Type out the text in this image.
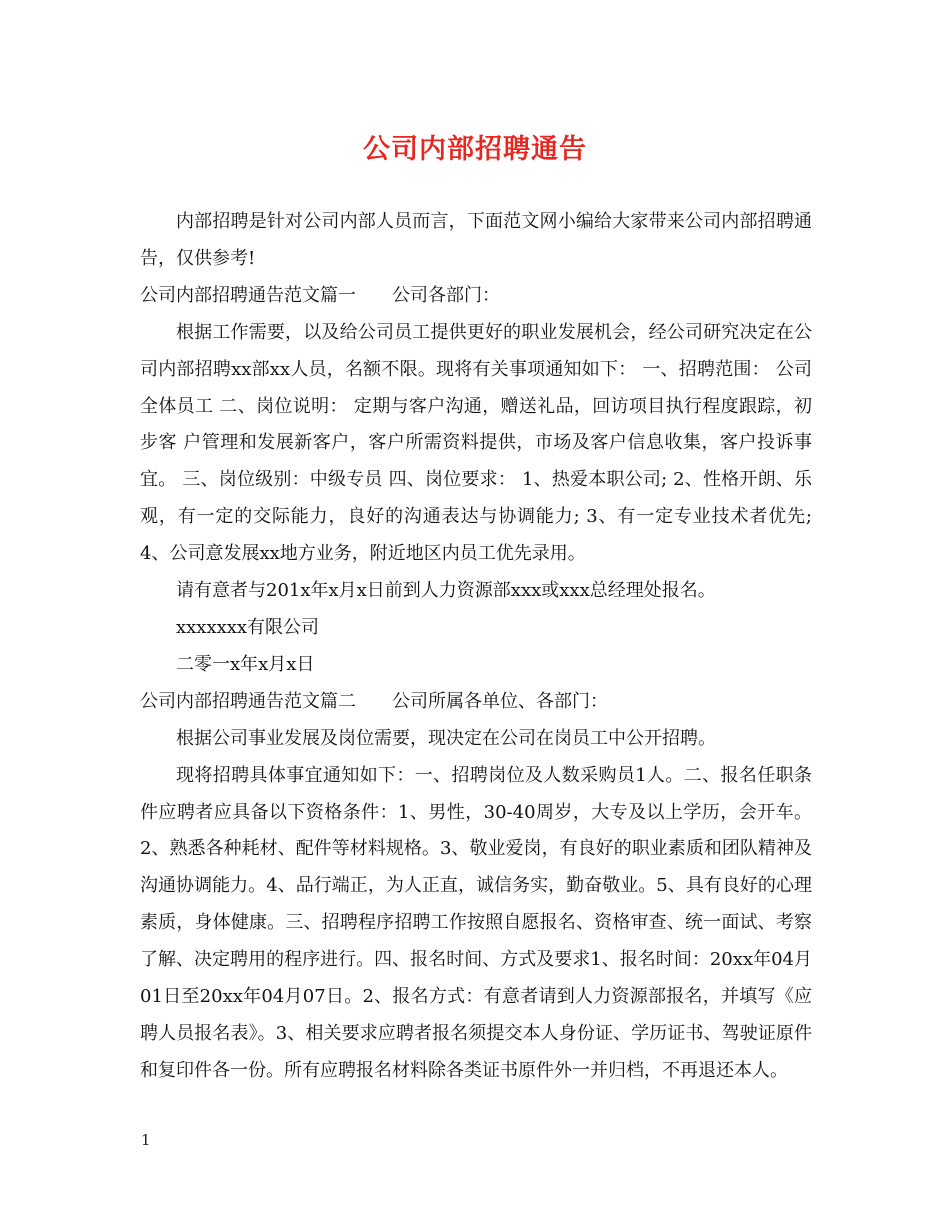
公司内部招聘通告

内部招聘是针对公司内部人员而言，下面范文网小编给大家带来公司内部招聘通告，仅供参考!

公司内部招聘通告范文篇一 公司各部门：

根据工作需要，以及给公司员工提供更好的职业发展机会，经公司研究决定在公司内部招聘xx部xx人员，名额不限。现将有关事项通知如下： 一、招聘范围： 公司全体员工 二、岗位说明： 定期与客户沟通，赠送礼品，回访项目执行程度跟踪，初步客 户管理和发展新客户，客户所需资料提供，市场及客户信息收集，客户投诉事宜。 三、岗位级别：中级专员 四、岗位要求： 1、热爱本职公司; 2、性格开朗、乐观，有一定的交际能力，良好的沟通表达与协调能力; 3、有一定专业技术者优先; 4、公司意发展xx地方业务，附近地区内员工优先录用。

请有意者与201x年x月x日前到人力资源部xxx或xxx总经理处报名。

xxxxxxx有限公司

二零一x年x月x日

公司内部招聘通告范文篇二 公司所属各单位、各部门：

根据公司事业发展及岗位需要，现决定在公司在岗员工中公开招聘。

现将招聘具体事宜通知如下：一、招聘岗位及人数采购员1人。二、报名任职条件应聘者应具备以下资格条件：1、男性，30-40周岁，大专及以上学历，会开车。2、熟悉各种耗材、配件等材料规格。3、敬业爱岗，有良好的职业素质和团队精神及沟通协调能力。4、品行端正，为人正直，诚信务实，勤奋敬业。5、具有良好的心理素质，身体健康。三、招聘程序招聘工作按照自愿报名、资格审查、统一面试、考察了解、决定聘用的程序进行。四、报名时间、方式及要求1、报名时间：20xx年04月01日至20xx年04月07日。2、报名方式：有意者请到人力资源部报名，并填写《应聘人员报名表》。3、相关要求应聘者报名须提交本人身份证、学历证书、驾驶证原件和复印件各一份。所有应聘报名材料除各类证书原件外一并归档，不再退还本人。

1
